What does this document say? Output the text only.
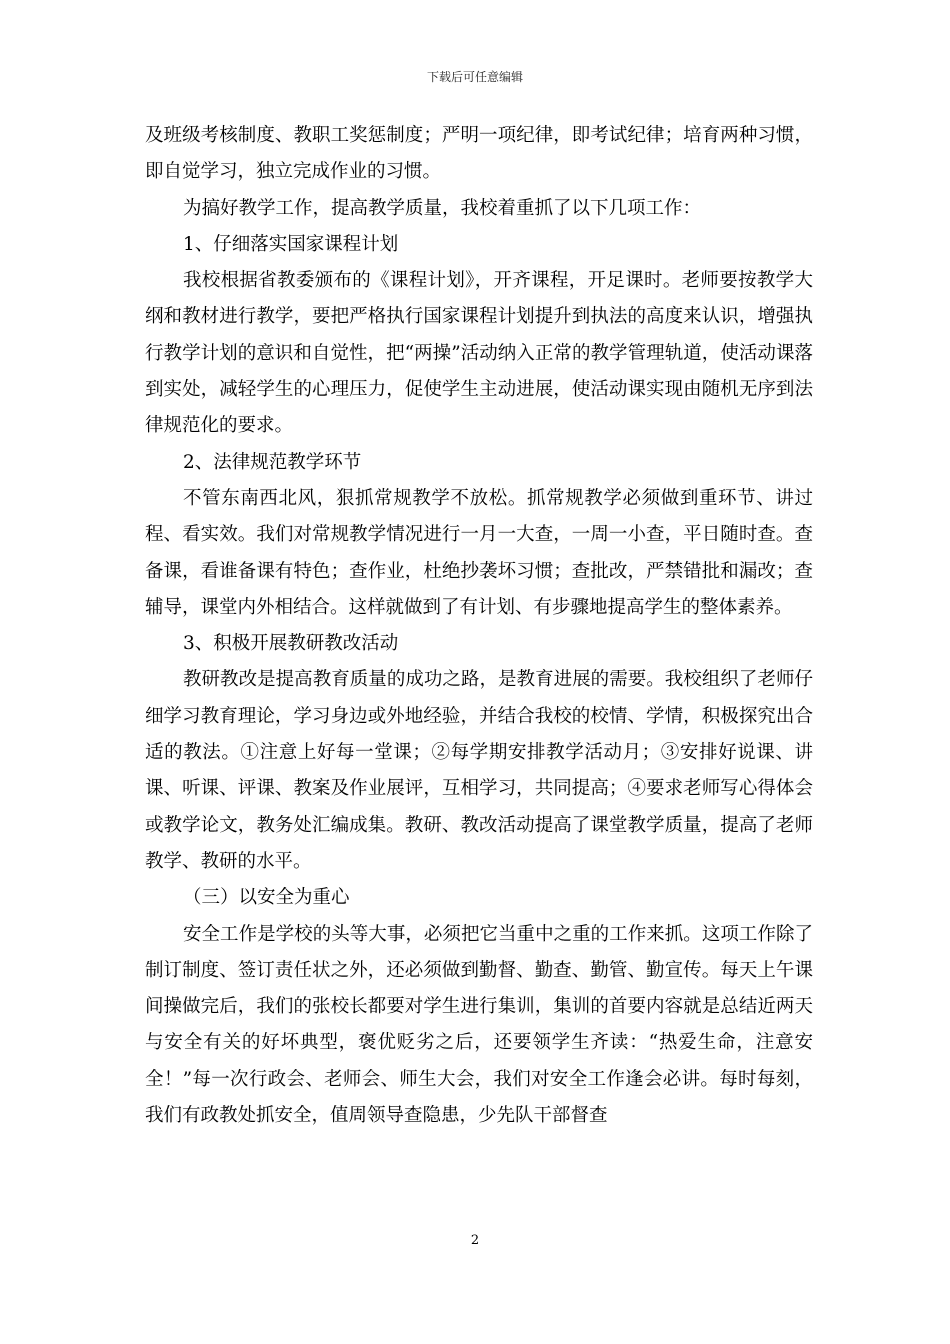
下载后可任意编辑

及班级考核制度、教职工奖惩制度；严明一项纪律，即考试纪律；培育两种习惯，即自觉学习，独立完成作业的习惯。

为搞好教学工作，提高教学质量，我校着重抓了以下几项工作：

1、仔细落实国家课程计划

我校根据省教委颁布的《课程计划》，开齐课程，开足课时。老师要按教学大纲和教材进行教学，要把严格执行国家课程计划提升到执法的高度来认识，增强执行教学计划的意识和自觉性，把“两操”活动纳入正常的教学管理轨道，使活动课落到实处，减轻学生的心理压力，促使学生主动进展，使活动课实现由随机无序到法律规范化的要求。

2、法律规范教学环节

不管东南西北风，狠抓常规教学不放松。抓常规教学必须做到重环节、讲过程、看实效。我们对常规教学情况进行一月一大查，一周一小查，平日随时查。查备课，看谁备课有特色；查作业，杜绝抄袭坏习惯；查批改，严禁错批和漏改；查辅导，课堂内外相结合。这样就做到了有计划、有步骤地提高学生的整体素养。

3、积极开展教研教改活动

教研教改是提高教育质量的成功之路，是教育进展的需要。我校组织了老师仔细学习教育理论，学习身边或外地经验，并结合我校的校情、学情，积极探究出合适的教法。①注意上好每一堂课；②每学期安排教学活动月；③安排好说课、讲课、听课、评课、教案及作业展评，互相学习，共同提高；④要求老师写心得体会或教学论文，教务处汇编成集。教研、教改活动提高了课堂教学质量，提高了老师教学、教研的水平。

（三）以安全为重心

安全工作是学校的头等大事，必须把它当重中之重的工作来抓。这项工作除了制订制度、签订责任状之外，还必须做到勤督、勤查、勤管、勤宣传。每天上午课间操做完后，我们的张校长都要对学生进行集训，集训的首要内容就是总结近两天与安全有关的好坏典型，褒优贬劣之后，还要领学生齐读：“热爱生命，注意安全！”每一次行政会、老师会、师生大会，我们对安全工作逢会必讲。每时每刻，我们有政教处抓安全，值周领导查隐患，少先队干部督查

2
